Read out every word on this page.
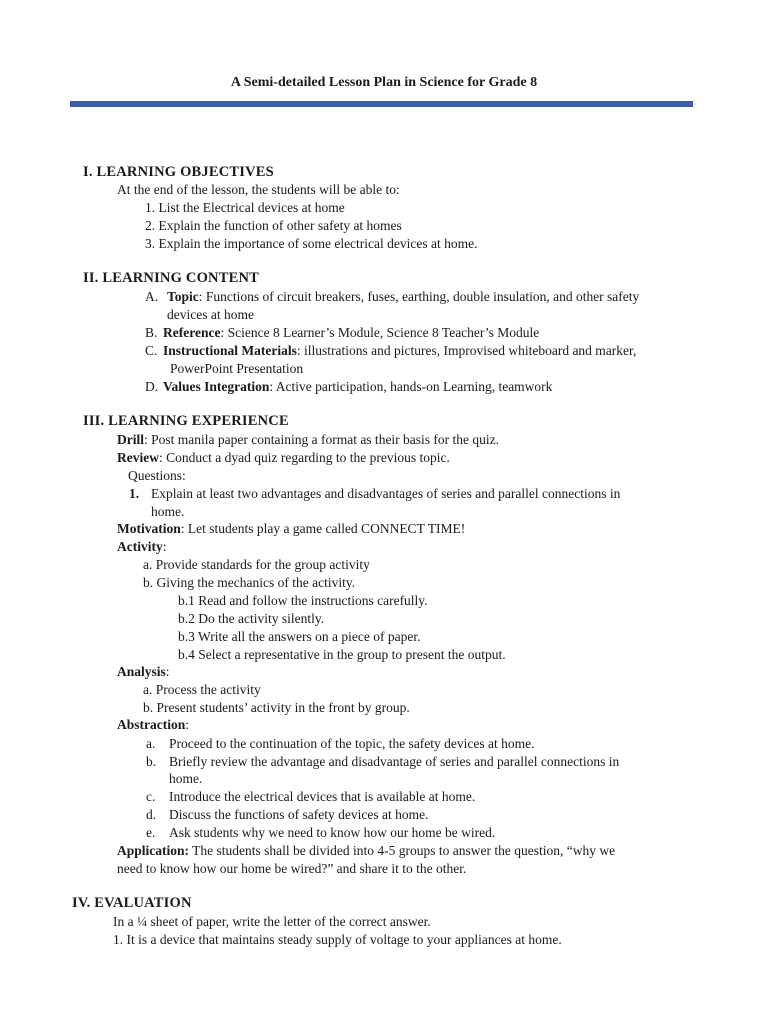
A Semi-detailed Lesson Plan in Science for Grade 8
I. LEARNING OBJECTIVES
At the end of the lesson, the students will be able to:
1. List the Electrical devices at home
2. Explain the function of other safety at homes
3. Explain the importance of some electrical devices at home.
II. LEARNING CONTENT
A. Topic: Functions of circuit breakers, fuses, earthing, double insulation, and other safety
devices at home
B. Reference: Science 8 Learner’s Module, Science 8 Teacher’s Module
C. Instructional Materials: illustrations and pictures, Improvised whiteboard and marker,
PowerPoint Presentation
D. Values Integration: Active participation, hands-on Learning, teamwork
III. LEARNING EXPERIENCE
Drill: Post manila paper containing a format as their basis for the quiz.
Review: Conduct a dyad quiz regarding to the previous topic.
Questions:
1. Explain at least two advantages and disadvantages of series and parallel connections in
home.
Motivation: Let students play a game called CONNECT TIME!
Activity:
a. Provide standards for the group activity
b. Giving the mechanics of the activity.
b.1 Read and follow the instructions carefully.
b.2 Do the activity silently.
b.3 Write all the answers on a piece of paper.
b.4 Select a representative in the group to present the output.
Analysis:
a. Process the activity
b. Present students’ activity in the front by group.
Abstraction:
a. Proceed to the continuation of the topic, the safety devices at home.
b. Briefly review the advantage and disadvantage of series and parallel connections in
home.
c. Introduce the electrical devices that is available at home.
d. Discuss the functions of safety devices at home.
e. Ask students why we need to know how our home be wired.
Application: The students shall be divided into 4-5 groups to answer the question, “why we
need to know how our home be wired?” and share it to the other.
IV. EVALUATION
In a ¼ sheet of paper, write the letter of the correct answer.
1. It is a device that maintains steady supply of voltage to your appliances at home.
